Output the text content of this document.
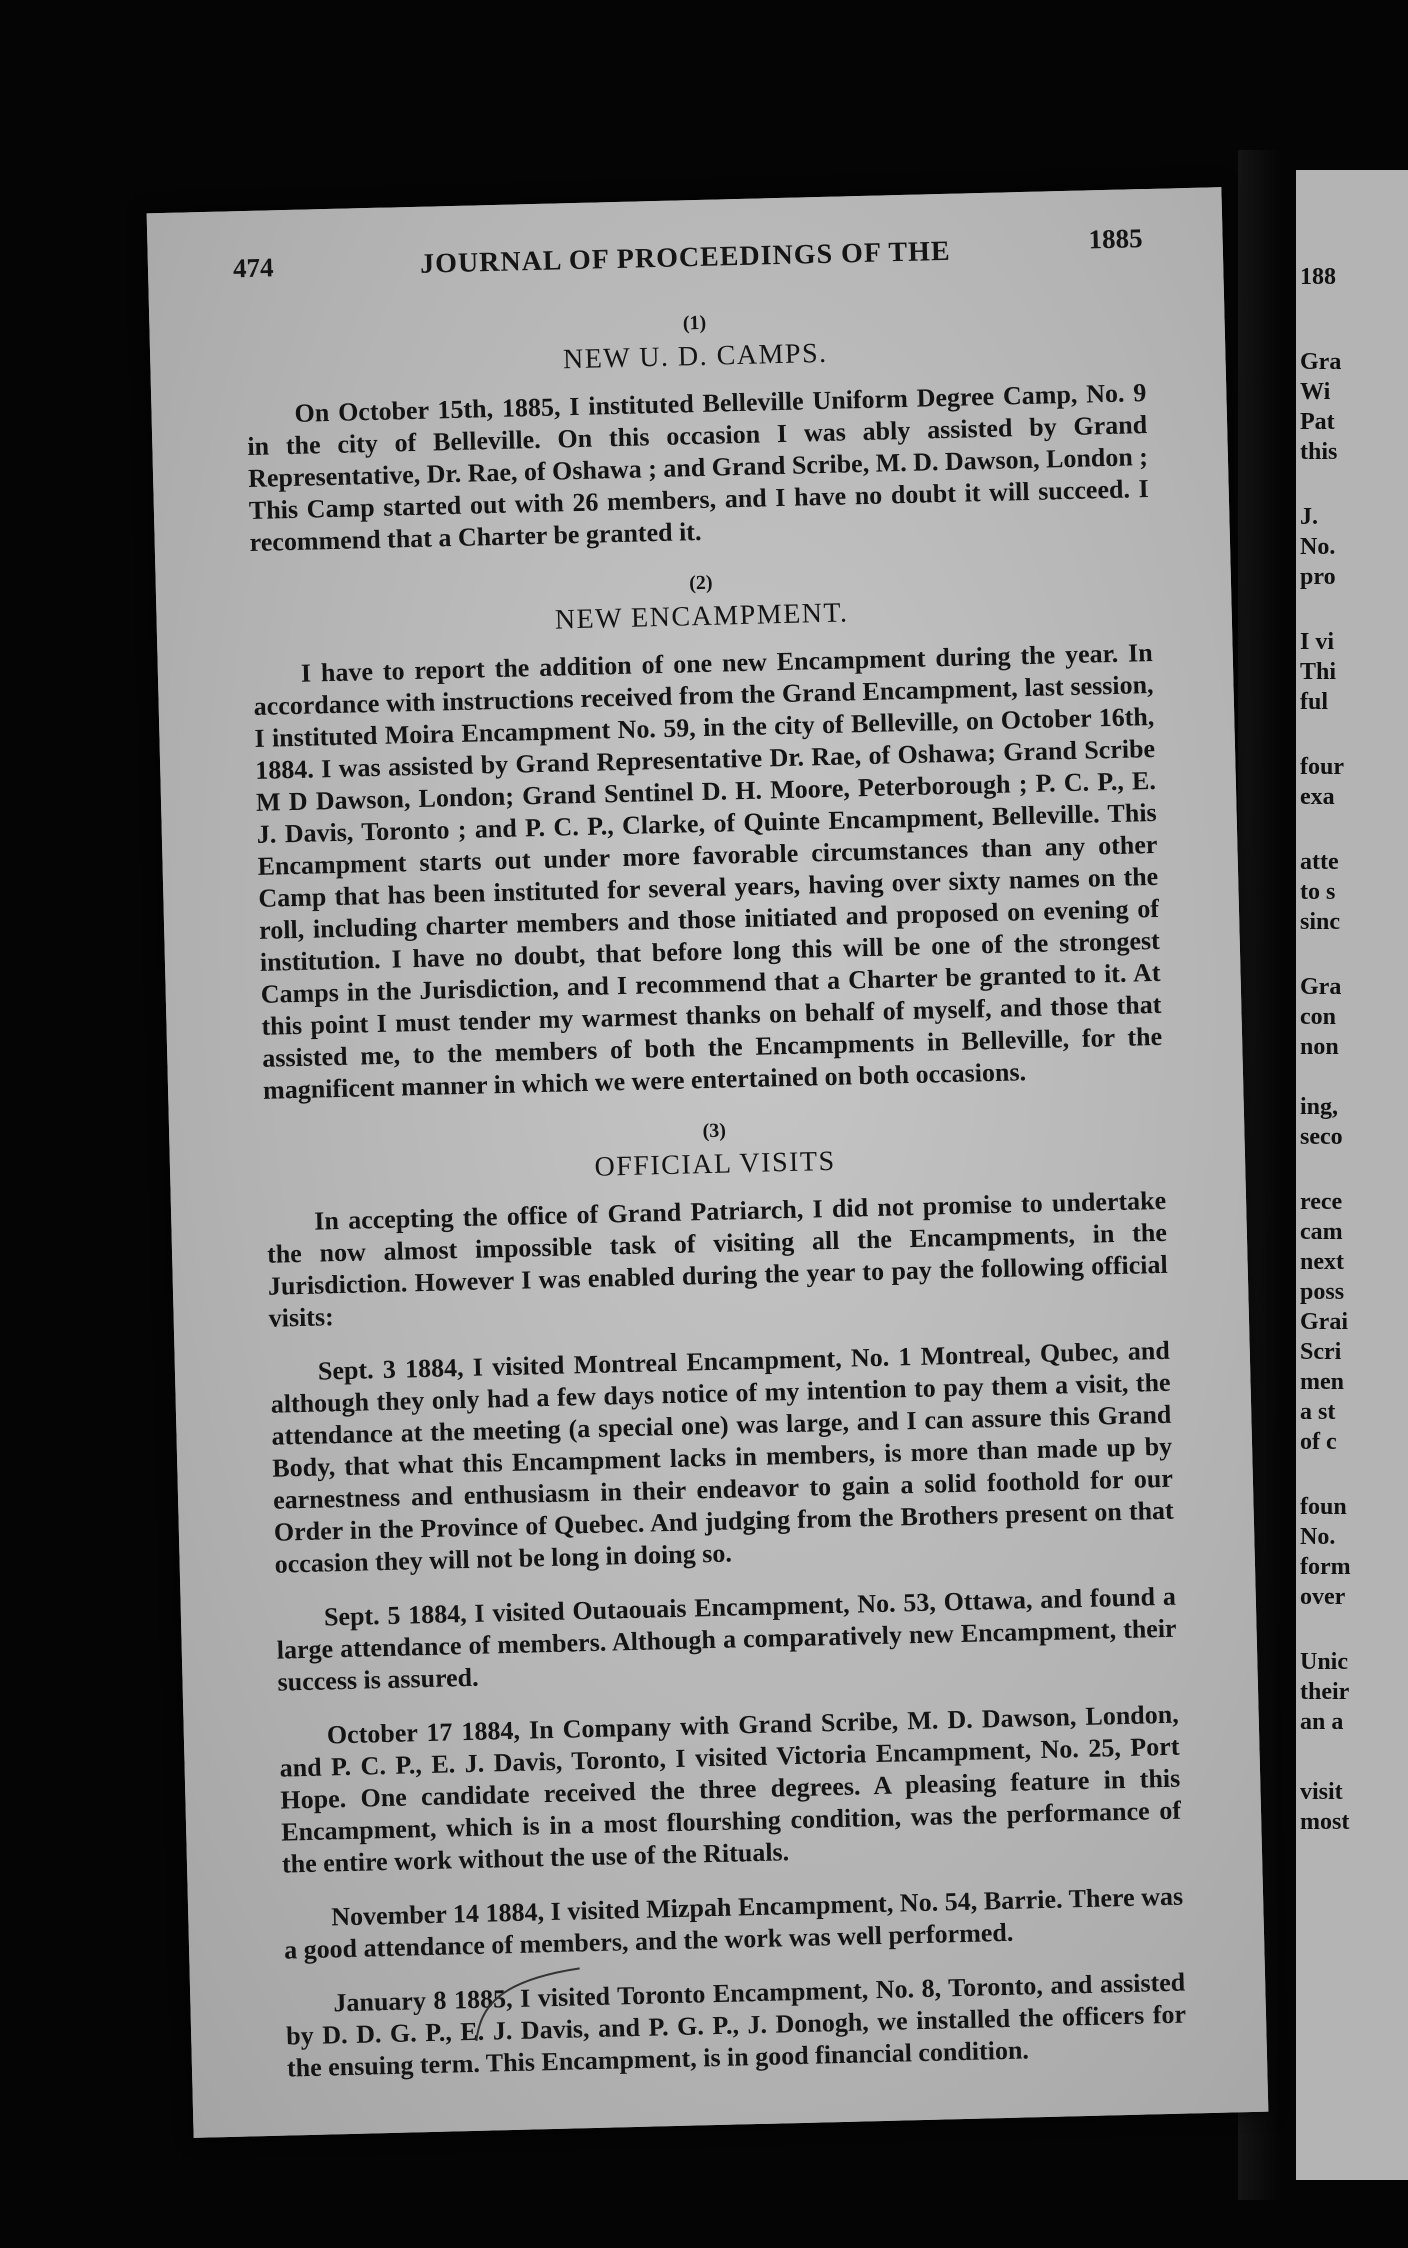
188
Gra
Wi
Pat
this
J.
No.
pro
I vi
Thi
ful
four
exa
atte
to s
sinc
Gra
con
non
ing,
seco
rece
cam
next
poss
Grai
Scri
men
a st
of c
foun
No.
form
over
Unic
their
an a
visit
most
474	JOURNAL OF PROCEEDINGS OF THE	1885
(1)
NEW U. D. CAMPS.

On October 15th, 1885, I instituted Belleville Uniform Degree Camp, No. 9 in the city of Belleville. On this occasion I was ably assisted by Grand Representative, Dr. Rae, of Oshawa ; and Grand Scribe, M. D. Dawson, London ; This Camp started out with 26 members, and I have no doubt it will succeed. I recommend that a Charter be granted it.

(2)
NEW ENCAMPMENT.

I have to report the addition of one new Encampment during the year. In accordance with instructions received from the Grand Encampment, last session, I instituted Moira Encampment No. 59, in the city of Belleville, on October 16th, 1884. I was assisted by Grand Representative Dr. Rae, of Oshawa; Grand Scribe M D Dawson, London; Grand Sentinel D. H. Moore, Peterborough ; P. C. P., E. J. Davis, Toronto ; and P. C. P., Clarke, of Quinte Encampment, Belleville. This Encampment starts out under more favorable circumstances than any other Camp that has been instituted for several years, having over sixty names on the roll, including charter members and those initiated and proposed on evening of institution. I have no doubt, that before long this will be one of the strongest Camps in the Jurisdiction, and I recommend that a Charter be granted to it. At this point I must tender my warmest thanks on behalf of myself, and those that assisted me, to the members of both the Encampments in Belleville, for the magnificent manner in which we were entertained on both occasions.

(3)
OFFICIAL VISITS

In accepting the office of Grand Patriarch, I did not promise to undertake the now almost impossible task of visiting all the Encampments, in the Jurisdiction. However I was enabled during the year to pay the following official visits:

Sept. 3 1884, I visited Montreal Encampment, No. 1 Montreal, Qubec, and although they only had a few days notice of my intention to pay them a visit, the attendance at the meeting (a special one) was large, and I can assure this Grand Body, that what this Encampment lacks in members, is more than made up by earnestness and enthusiasm in their endeavor to gain a solid foothold for our Order in the Province of Quebec. And judging from the Brothers present on that occasion they will not be long in doing so.

Sept. 5 1884, I visited Outaouais Encampment, No. 53, Ottawa, and found a large attendance of members. Although a comparatively new Encampment, their success is assured.

October 17 1884, In Company with Grand Scribe, M. D. Dawson, London, and P. C. P., E. J. Davis, Toronto, I visited Victoria Encampment, No. 25, Port Hope. One candidate received the three degrees. A pleasing feature in this Encampment, which is in a most flourshing condition, was the performance of the entire work without the use of the Rituals.

November 14 1884, I visited Mizpah Encampment, No. 54, Barrie. There was a good attendance of members, and the work was well performed.

January 8 1885, I visited Toronto Encampment, No. 8, Toronto, and assisted by D. D. G. P., E. J. Davis, and P. G. P., J. Donogh, we installed the officers for the ensuing term. This Encampment, is in good financial condition.
